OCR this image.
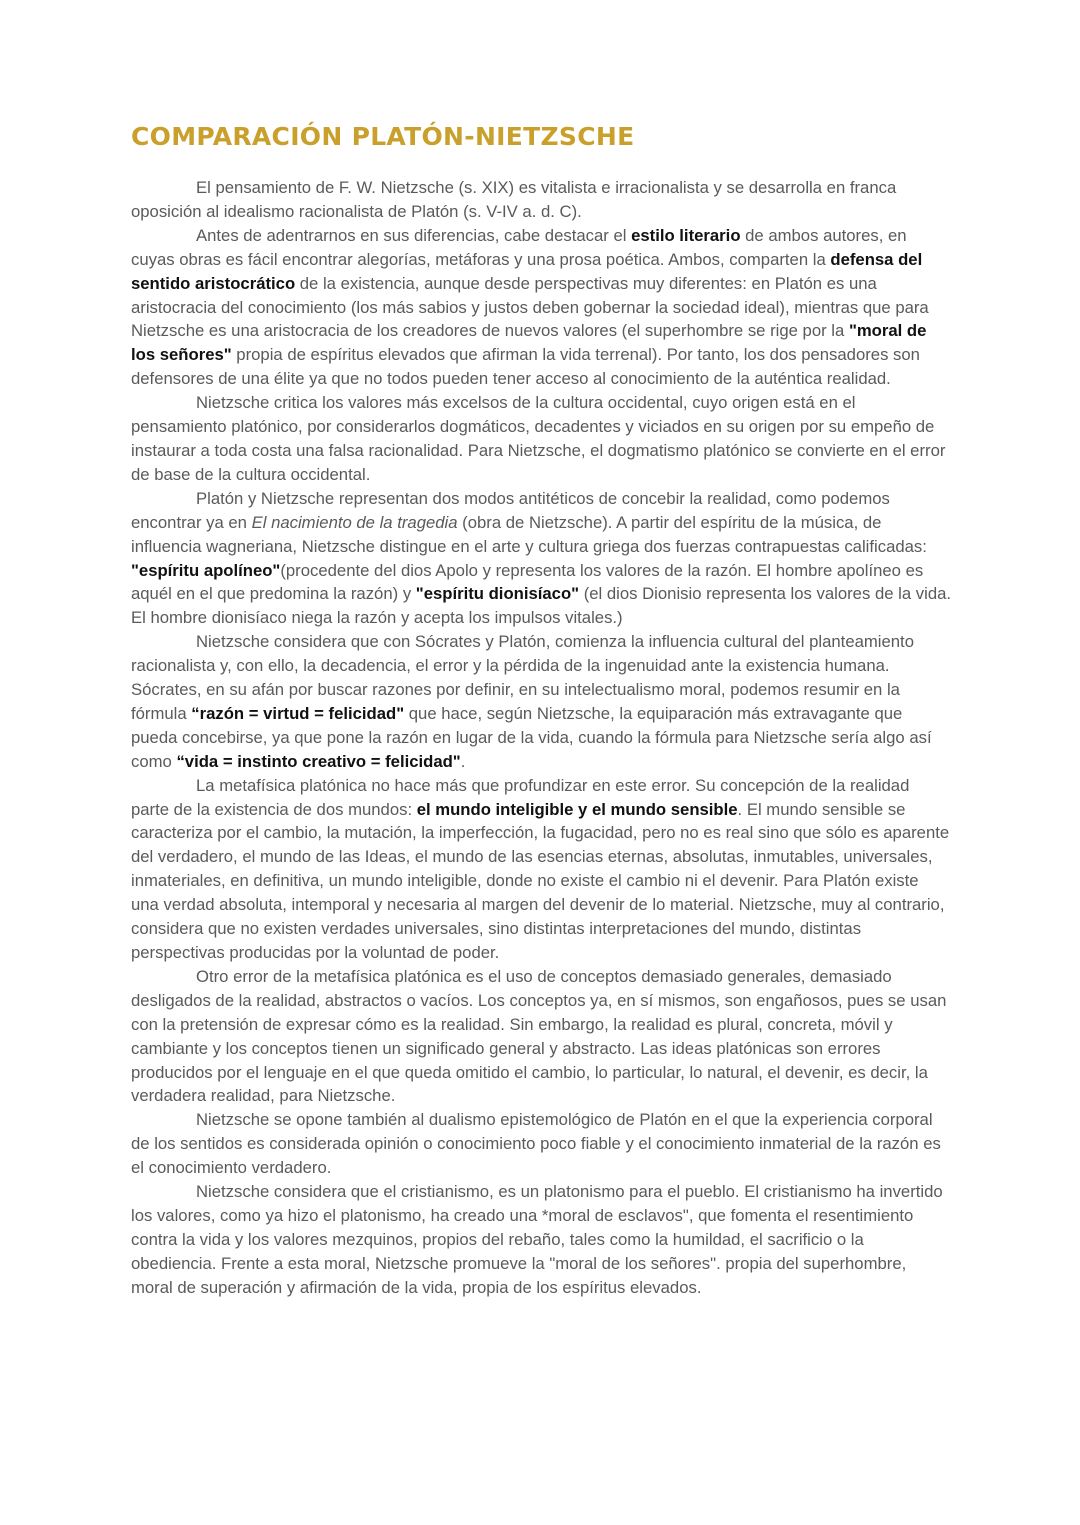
COMPARACIÓN PLATÓN-NIETZSCHE

El pensamiento de F. W. Nietzsche (s. XIX) es vitalista e irracionalista y se desarrolla en franca oposición al idealismo racionalista de Platón (s. V-IV a. d. C).

Antes de adentrarnos en sus diferencias, cabe destacar el estilo literario de ambos autores, en cuyas obras es fácil encontrar alegorías, metáforas y una prosa poética. Ambos, comparten la defensa del sentido aristocrático de la existencia, aunque desde perspectivas muy diferentes: en Platón es una aristocracia del conocimiento (los más sabios y justos deben gobernar la sociedad ideal), mientras que para Nietzsche es una aristocracia de los creadores de nuevos valores (el superhombre se rige por la "moral de los señores" propia de espíritus elevados que afirman la vida terrenal). Por tanto, los dos pensadores son defensores de una élite ya que no todos pueden tener acceso al conocimiento de la auténtica realidad.

Nietzsche critica los valores más excelsos de la cultura occidental, cuyo origen está en el pensamiento platónico, por considerarlos dogmáticos, decadentes y viciados en su origen por su empeño de instaurar a toda costa una falsa racionalidad. Para Nietzsche, el dogmatismo platónico se convierte en el error de base de la cultura occidental.

Platón y Nietzsche representan dos modos antitéticos de concebir la realidad, como podemos encontrar ya en El nacimiento de la tragedia (obra de Nietzsche). A partir del espíritu de la música, de influencia wagneriana, Nietzsche distingue en el arte y cultura griega dos fuerzas contrapuestas calificadas: "espíritu apolíneo"(procedente del dios Apolo y representa los valores de la razón. El hombre apolíneo es aquél en el que predomina la razón) y "espíritu dionisíaco" (el dios Dionisio representa los valores de la vida. El hombre dionisíaco niega la razón y acepta los impulsos vitales.)

Nietzsche considera que con Sócrates y Platón, comienza la influencia cultural del planteamiento racionalista y, con ello, la decadencia, el error y la pérdida de la ingenuidad ante la existencia humana. Sócrates, en su afán por buscar razones por definir, en su intelectualismo moral, podemos resumir en la fórmula “razón = virtud = felicidad" que hace, según Nietzsche, la equiparación más extravagante que pueda concebirse, ya que pone la razón en lugar de la vida, cuando la fórmula para Nietzsche sería algo así como “vida = instinto creativo = felicidad".

La metafísica platónica no hace más que profundizar en este error. Su concepción de la realidad parte de la existencia de dos mundos: el mundo inteligible y el mundo sensible. El mundo sensible se caracteriza por el cambio, la mutación, la imperfección, la fugacidad, pero no es real sino que sólo es aparente del verdadero, el mundo de las Ideas, el mundo de las esencias eternas, absolutas, inmutables, universales, inmateriales, en definitiva, un mundo inteligible, donde no existe el cambio ni el devenir. Para Platón existe una verdad absoluta, intemporal y necesaria al margen del devenir de lo material. Nietzsche, muy al contrario, considera que no existen verdades universales, sino distintas interpretaciones del mundo, distintas perspectivas producidas por la voluntad de poder.

Otro error de la metafísica platónica es el uso de conceptos demasiado generales, demasiado desligados de la realidad, abstractos o vacíos. Los conceptos ya, en sí mismos, son engañosos, pues se usan con la pretensión de expresar cómo es la realidad. Sin embargo, la realidad es plural, concreta, móvil y cambiante y los conceptos tienen un significado general y abstracto. Las ideas platónicas son errores producidos por el lenguaje en el que queda omitido el cambio, lo particular, lo natural, el devenir, es decir, la verdadera realidad, para Nietzsche.

Nietzsche se opone también al dualismo epistemológico de Platón en el que la experiencia corporal de los sentidos es considerada opinión o conocimiento poco fiable y el conocimiento inmaterial de la razón es el conocimiento verdadero.

Nietzsche considera que el cristianismo, es un platonismo para el pueblo. El cristianismo ha invertido los valores, como ya hizo el platonismo, ha creado una *moral de esclavos", que fomenta el resentimiento contra la vida y los valores mezquinos, propios del rebaño, tales como la humildad, el sacrificio o la obediencia. Frente a esta moral, Nietzsche promueve la "moral de los señores". propia del superhombre, moral de superación y afirmación de la vida, propia de los espíritus elevados.
